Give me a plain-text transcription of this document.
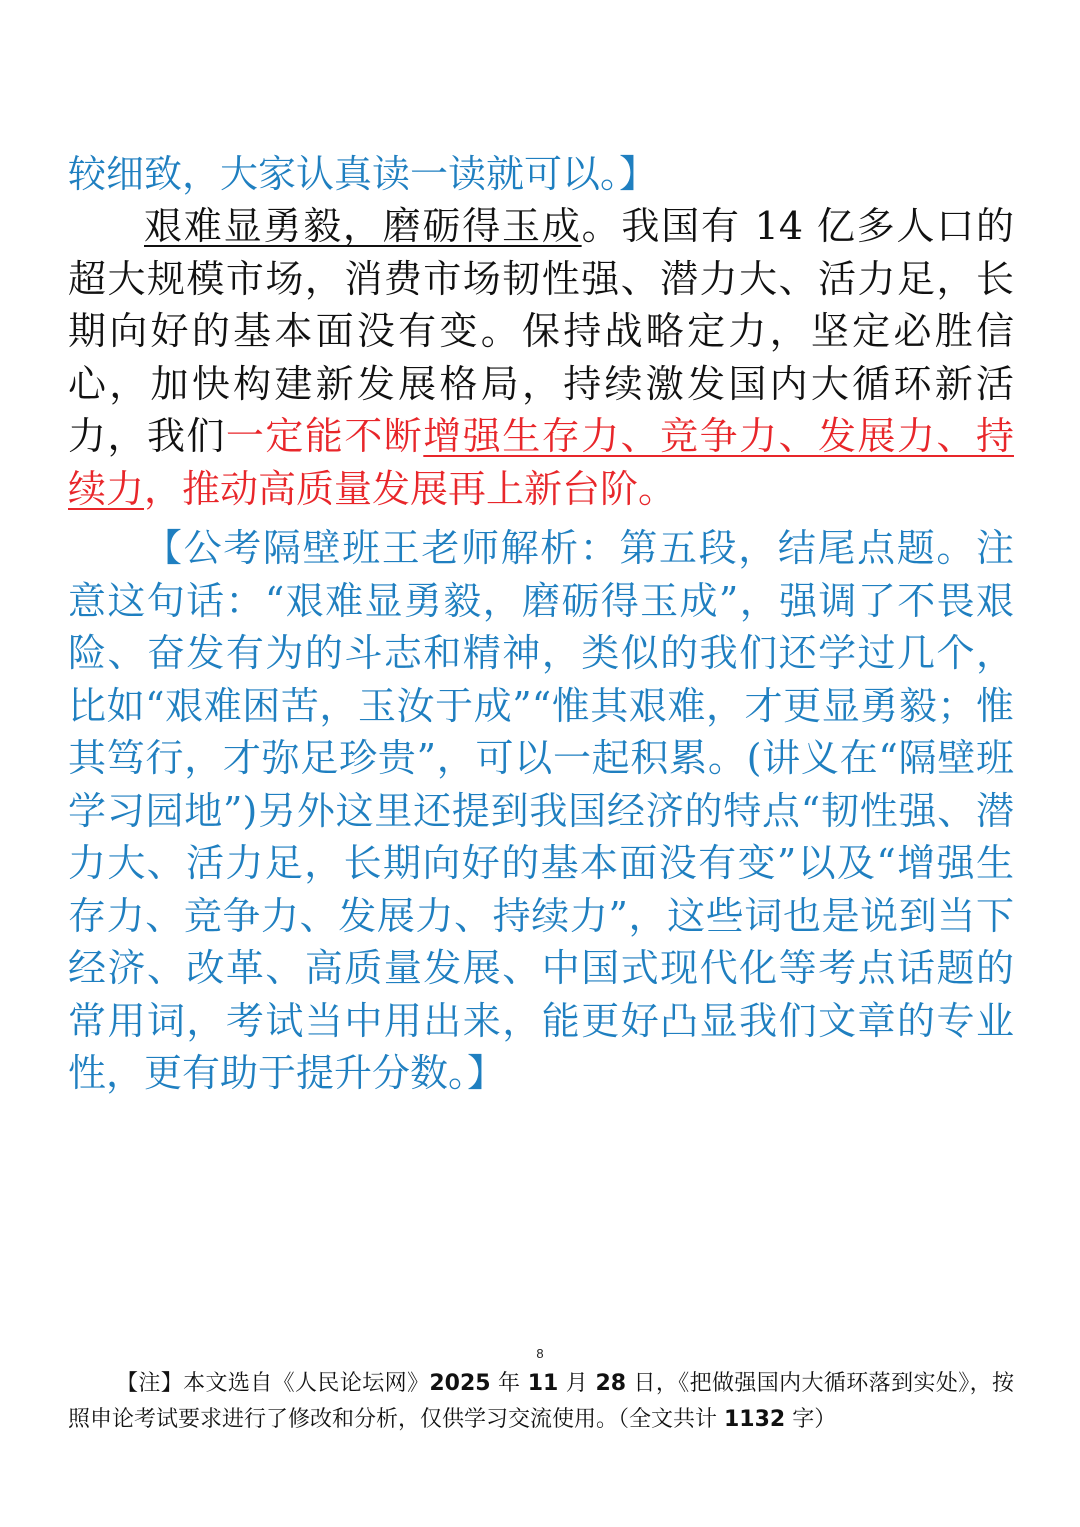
较细致，大家认真读一读就可以。】
艰难显勇毅，磨砺得玉成。我国有 14 亿多人口的超大规模市场，消费市场韧性强、潜力大、活力足，长期向好的基本面没有变。保持战略定力，坚定必胜信心，加快构建新发展格局，持续激发国内大循环新活力，我们一定能不断增强生存力、竞争力、发展力、持续力，推动高质量发展再上新台阶。
【公考隔壁班王老师解析：第五段，结尾点题。注意这句话：“艰难显勇毅，磨砺得玉成”，强调了不畏艰险、奋发有为的斗志和精神，类似的我们还学过几个，比如“艰难困苦，玉汝于成”“惟其艰难，才更显勇毅；惟其笃行，才弥足珍贵”，可以一起积累。(讲义在“隔壁班学习园地”)另外这里还提到我国经济的特点“韧性强、潜力大、活力足，长期向好的基本面没有变”以及“增强生存力、竞争力、发展力、持续力”，这些词也是说到当下经济、改革、高质量发展、中国式现代化等考点话题的常用词，考试当中用出来，能更好凸显我们文章的专业性，更有助于提升分数。】
8
【注】本文选自《人民论坛网》2025 年 11 月 28 日，《把做强国内大循环落到实处》，按照申论考试要求进行了修改和分析，仅供学习交流使用。（全文共计 1132 字）
